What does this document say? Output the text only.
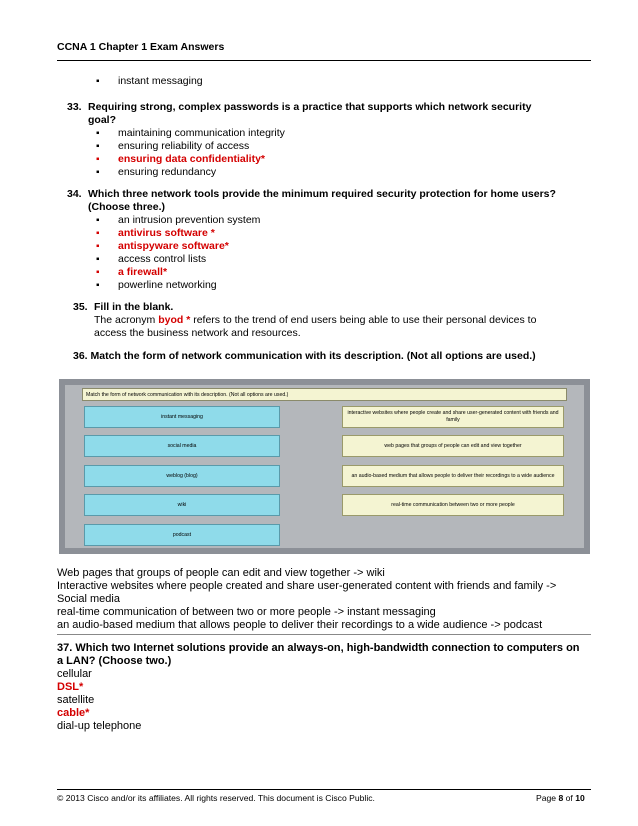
CCNA 1 Chapter 1 Exam Answers
▪ instant messaging
33. Requiring strong, complex passwords is a practice that supports which network security
goal?
▪ maintaining communication integrity
▪ ensuring reliability of access
▪ ensuring data confidentiality*
▪ ensuring redundancy
34. Which three network tools provide the minimum required security protection for home users?
(Choose three.)
▪ an intrusion prevention system
▪ antivirus software *
▪ antispyware software*
▪ access control lists
▪ a firewall*
▪ powerline networking
35. Fill in the blank.
The acronym byod * refers to the trend of end users being able to use their personal devices to
access the business network and resources.
36. Match the form of network communication with its description. (Not all options are used.)
Match the form of network communication with its description. (Not all options are used.)
instant messaging
social media
weblog (blog)
wiki
podcast
interactive websites where people create and share user-generated content with friends and family
web pages that groups of people can edit and view together
an audio-based medium that allows people to deliver their recordings to a wide audience
real-time communication between two or more people
Web pages that groups of people can edit and view together -> wiki
Interactive websites where people created and share user-generated content with friends and family ->
Social media
real-time communication of between two or more people -> instant messaging
an audio-based medium that allows people to deliver their recordings to a wide audience -> podcast
37. Which two Internet solutions provide an always-on, high-bandwidth connection to computers on
a LAN? (Choose two.)
cellular
DSL*
satellite
cable*
dial-up telephone
© 2013 Cisco and/or its affiliates. All rights reserved. This document is Cisco Public.	Page 8 of 10
